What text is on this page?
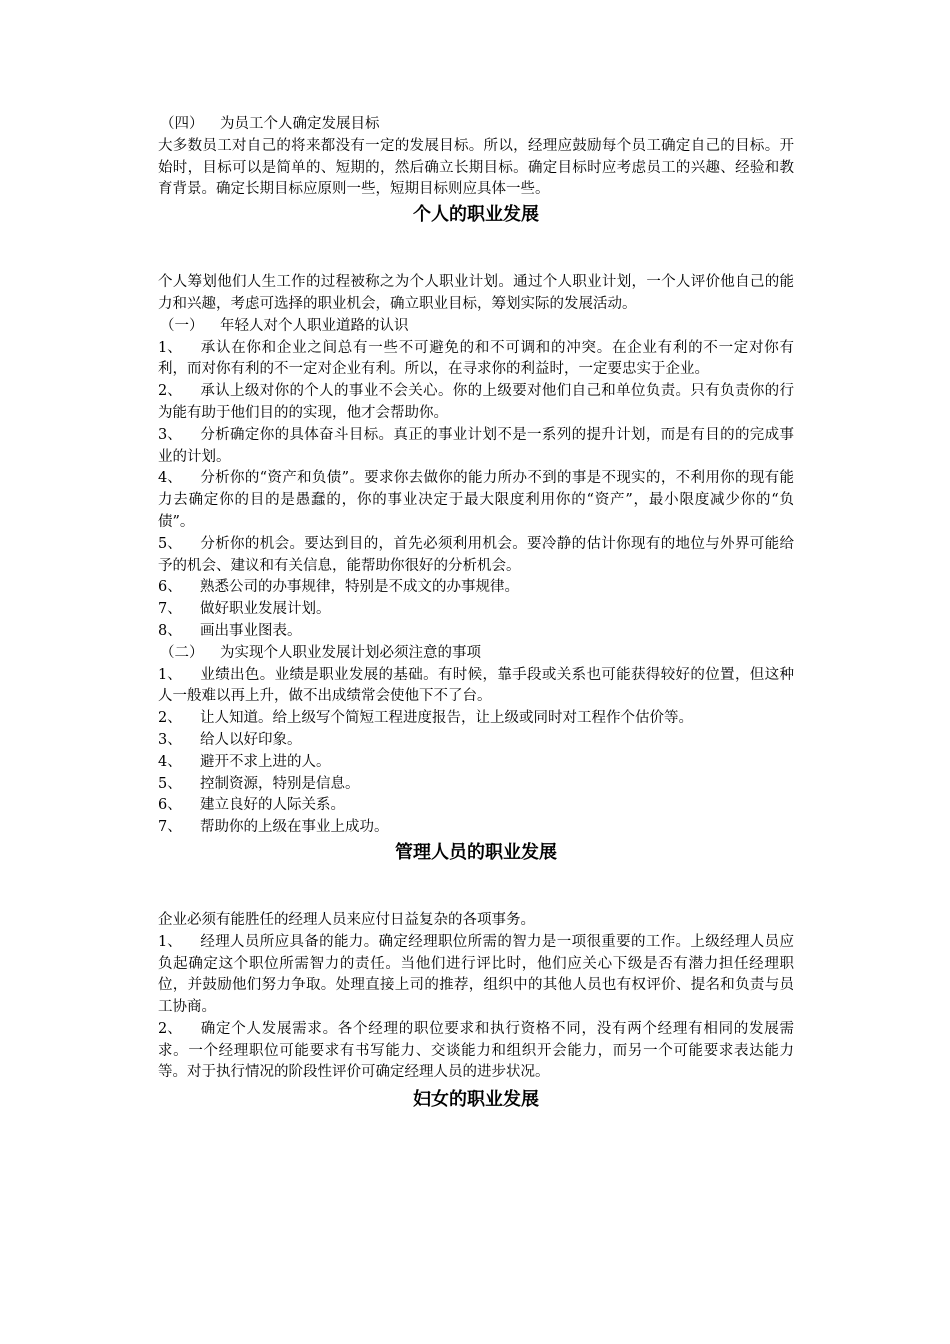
（四） 为员工个人确定发展目标

大多数员工对自己的将来都没有一定的发展目标。所以，经理应鼓励每个员工确定自己的目标。开始时，目标可以是简单的、短期的，然后确立长期目标。确定目标时应考虑员工的兴趣、经验和教育背景。确定长期目标应原则一些，短期目标则应具体一些。

个人的职业发展

个人筹划他们人生工作的过程被称之为个人职业计划。通过个人职业计划，一个人评价他自己的能力和兴趣，考虑可选择的职业机会，确立职业目标，筹划实际的发展活动。

（一） 年轻人对个人职业道路的认识

1、 承认在你和企业之间总有一些不可避免的和不可调和的冲突。在企业有利的不一定对你有利，而对你有利的不一定对企业有利。所以，在寻求你的利益时，一定要忠实于企业。

2、 承认上级对你的个人的事业不会关心。你的上级要对他们自己和单位负责。只有负责你的行为能有助于他们目的的实现，他才会帮助你。

3、 分析确定你的具体奋斗目标。真正的事业计划不是一系列的提升计划，而是有目的的完成事业的计划。

4、 分析你的“资产和负债”。要求你去做你的能力所办不到的事是不现实的，不利用你的现有能力去确定你的目的是愚蠢的，你的事业决定于最大限度利用你的“资产”，最小限度减少你的“负债”。

5、 分析你的机会。要达到目的，首先必须利用机会。要冷静的估计你现有的地位与外界可能给予的机会、建议和有关信息，能帮助你很好的分析机会。

6、 熟悉公司的办事规律，特别是不成文的办事规律。

7、 做好职业发展计划。

8、 画出事业图表。

（二） 为实现个人职业发展计划必须注意的事项

1、 业绩出色。业绩是职业发展的基础。有时候，靠手段或关系也可能获得较好的位置，但这种人一般难以再上升，做不出成绩常会使他下不了台。

2、 让人知道。给上级写个简短工程进度报告，让上级或同时对工程作个估价等。

3、 给人以好印象。

4、 避开不求上进的人。

5、 控制资源，特别是信息。

6、 建立良好的人际关系。

7、 帮助你的上级在事业上成功。

管理人员的职业发展

企业必须有能胜任的经理人员来应付日益复杂的各项事务。

1、 经理人员所应具备的能力。确定经理职位所需的智力是一项很重要的工作。上级经理人员应负起确定这个职位所需智力的责任。当他们进行评比时，他们应关心下级是否有潜力担任经理职位，并鼓励他们努力争取。处理直接上司的推荐，组织中的其他人员也有权评价、提名和负责与员工协商。

2、 确定个人发展需求。各个经理的职位要求和执行资格不同，没有两个经理有相同的发展需求。一个经理职位可能要求有书写能力、交谈能力和组织开会能力，而另一个可能要求表达能力等。对于执行情况的阶段性评价可确定经理人员的进步状况。

妇女的职业发展
